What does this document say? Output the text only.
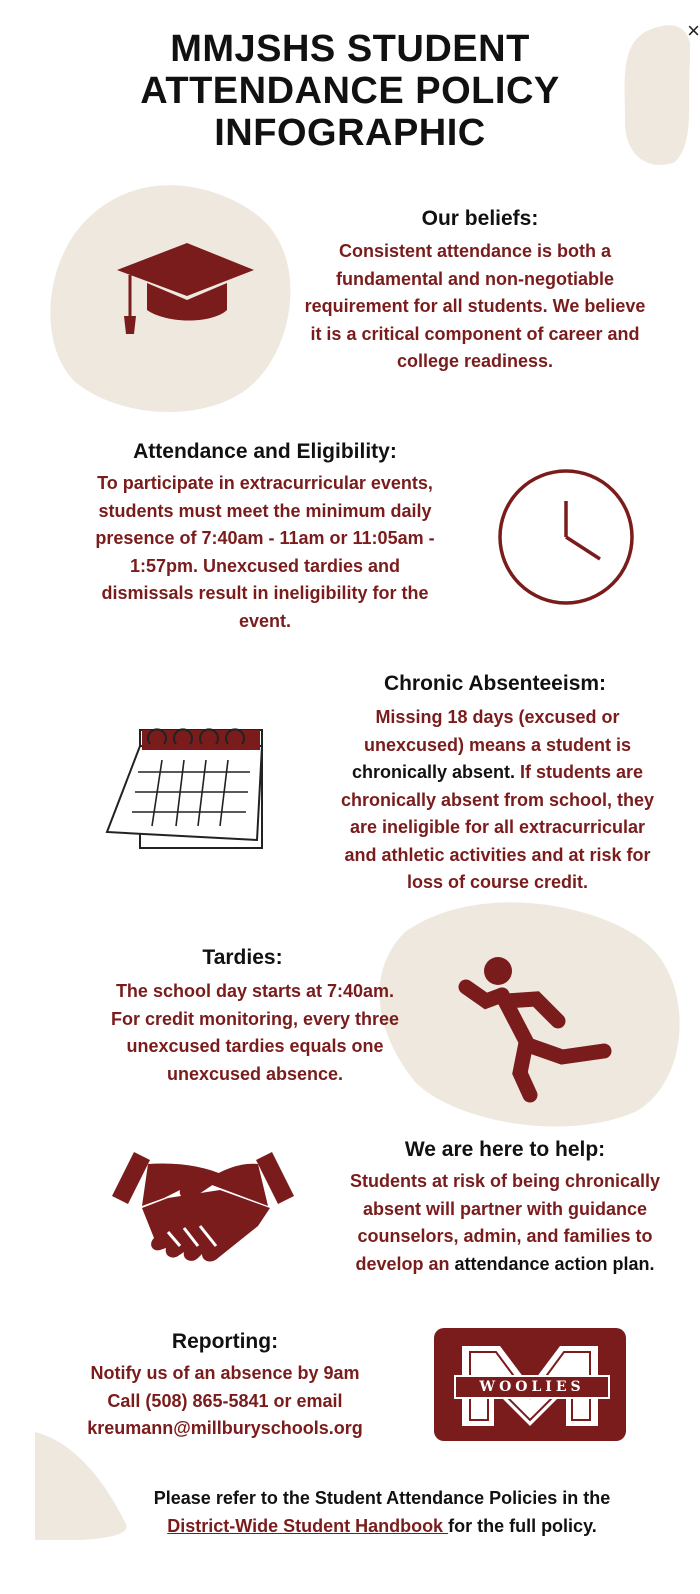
×
MMJSHS STUDENT
ATTENDANCE POLICY
INFOGRAPHIC
Our beliefs:
Consistent attendance is both a
fundamental and non-negotiable
requirement for all students. We believe
it is a critical component of career and
college readiness.
Attendance and Eligibility:
To participate in extracurricular events,
students must meet the minimum daily
presence of 7:40am - 11am or 11:05am -
1:57pm. Unexcused tardies and
dismissals result in ineligibility for the
event.
Chronic Absenteeism:
Missing 18 days (excused or
unexcused) means a student is
chronically absent. If students are
chronically absent from school, they
are ineligible for all extracurricular
and athletic activities and at risk for
loss of course credit.
Tardies:
The school day starts at 7:40am.
For credit monitoring, every three
unexcused tardies equals one
unexcused absence.
We are here to help:
Students at risk of being chronically
absent will partner with guidance
counselors, admin, and families to
develop an attendance action plan.
Reporting:
Notify us of an absence by 9am
Call (508) 865-5841 or email
kreumann@millburyschools.org
WOOLIES
Please refer to the Student Attendance Policies in the
District-Wide Student Handbook for the full policy.
